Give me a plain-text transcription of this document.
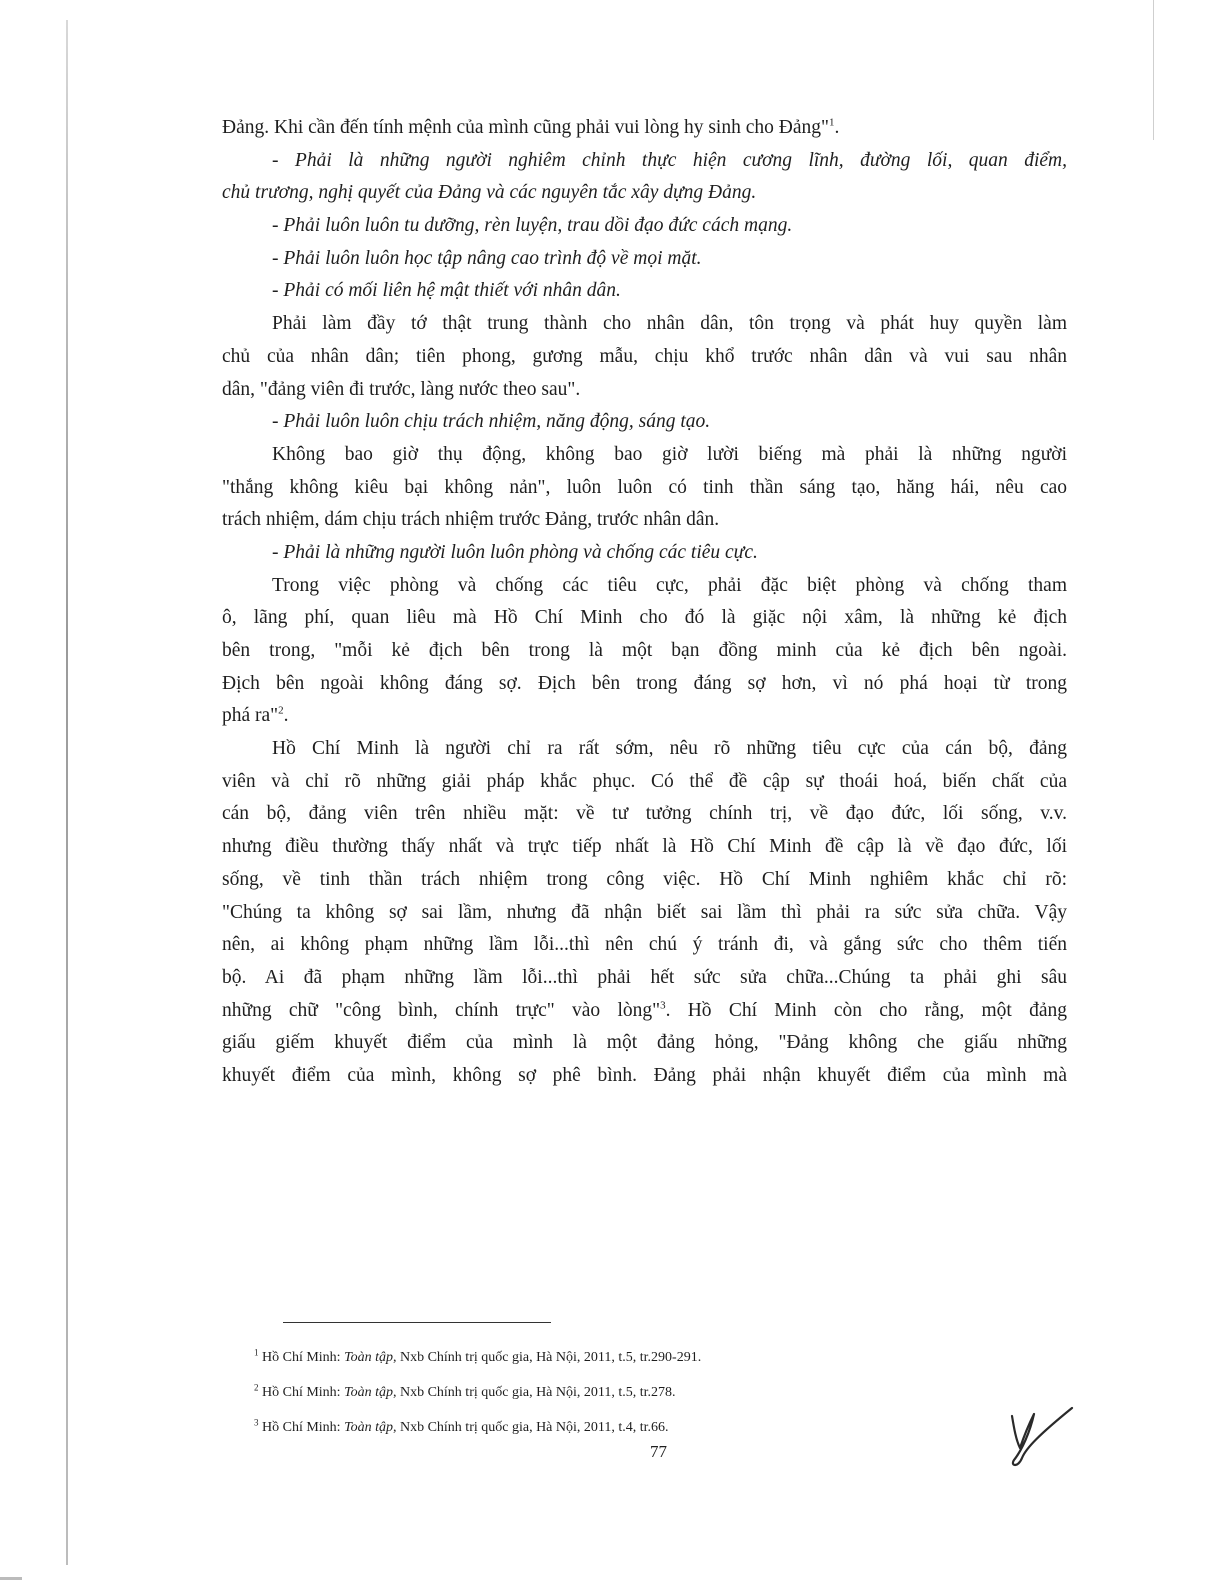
Đảng. Khi cần đến tính mệnh của mình cũng phải vui lòng hy sinh cho Đảng"$^1$.
- Phải là những người nghiêm chỉnh thực hiện cương lĩnh, đường lối, quan điểm,
chủ trương, nghị quyết của Đảng và các nguyên tắc xây dựng Đảng.
- Phải luôn luôn tu dưỡng, rèn luyện, trau dồi đạo đức cách mạng.
- Phải luôn luôn học tập nâng cao trình độ về mọi mặt.
- Phải có mối liên hệ mật thiết với nhân dân.
Phải làm đầy tớ thật trung thành cho nhân dân, tôn trọng và phát huy quyền làm
chủ của nhân dân; tiên phong, gương mẫu, chịu khổ trước nhân dân và vui sau nhân
dân, "đảng viên đi trước, làng nước theo sau".
- Phải luôn luôn chịu trách nhiệm, năng động, sáng tạo.
Không bao giờ thụ động, không bao giờ lười biếng mà phải là những người
"thắng không kiêu bại không nản", luôn luôn có tinh thần sáng tạo, hăng hái, nêu cao
trách nhiệm, dám chịu trách nhiệm trước Đảng, trước nhân dân.
- Phải là những người luôn luôn phòng và chống các tiêu cực.
Trong việc phòng và chống các tiêu cực, phải đặc biệt phòng và chống tham
ô, lãng phí, quan liêu mà Hồ Chí Minh cho đó là giặc nội xâm, là những kẻ địch
bên trong, "mỗi kẻ địch bên trong là một bạn đồng minh của kẻ địch bên ngoài.
Địch bên ngoài không đáng sợ. Địch bên trong đáng sợ hơn, vì nó phá hoại từ trong
phá ra"$^2$.
Hồ Chí Minh là người chỉ ra rất sớm, nêu rõ những tiêu cực của cán bộ, đảng
viên và chỉ rõ những giải pháp khắc phục. Có thể đề cập sự thoái hoá, biến chất của
cán bộ, đảng viên trên nhiều mặt: về tư tưởng chính trị, về đạo đức, lối sống, v.v.
nhưng điều thường thấy nhất và trực tiếp nhất là Hồ Chí Minh đề cập là về đạo đức, lối
sống, về tinh thần trách nhiệm trong công việc. Hồ Chí Minh nghiêm khắc chỉ rõ:
"Chúng ta không sợ sai lầm, nhưng đã nhận biết sai lầm thì phải ra sức sửa chữa. Vậy
nên, ai không phạm những lầm lỗi...thì nên chú ý tránh đi, và gắng sức cho thêm tiến
bộ. Ai đã phạm những lầm lỗi...thì phải hết sức sửa chữa...Chúng ta phải ghi sâu
những chữ "công bình, chính trực" vào lòng"$^3$. Hồ Chí Minh còn cho rằng, một đảng
giấu giếm khuyết điểm của mình là một đảng hỏng, "Đảng không che giấu những
khuyết điểm của mình, không sợ phê bình. Đảng phải nhận khuyết điểm của mình mà
$^1$ Hồ Chí Minh: Toàn tập, Nxb Chính trị quốc gia, Hà Nội, 2011, t.5, tr.290-291.
$^2$ Hồ Chí Minh: Toàn tập, Nxb Chính trị quốc gia, Hà Nội, 2011, t.5, tr.278.
$^3$ Hồ Chí Minh: Toàn tập, Nxb Chính trị quốc gia, Hà Nội, 2011, t.4, tr.66.
77
